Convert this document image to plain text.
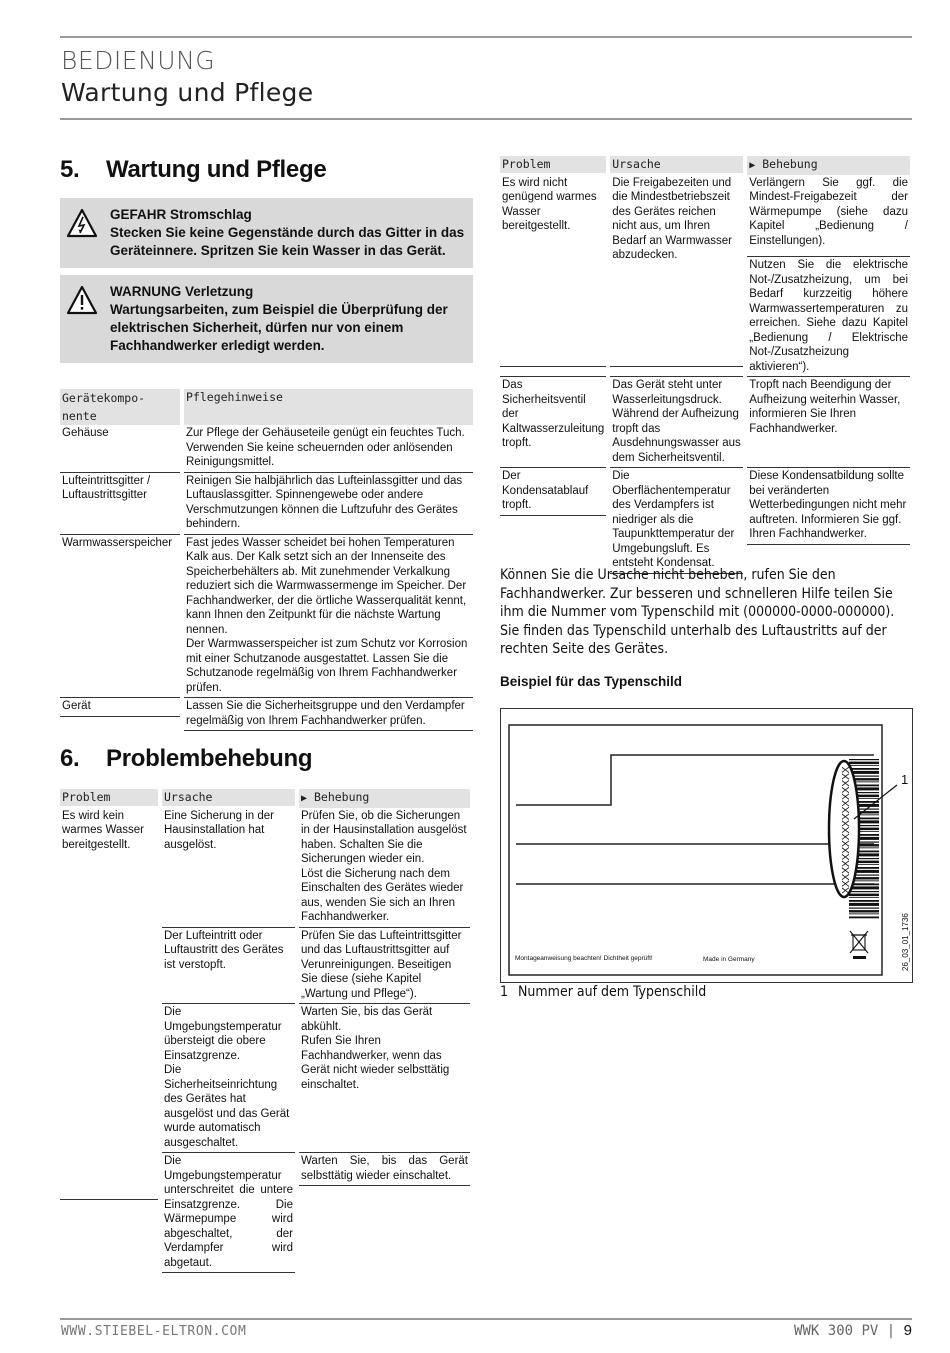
BEDIENUNG
Wartung und Pflege
5. Wartung und Pflege
GEFAHR Stromschlag
Stecken Sie keine Gegenstände durch das Gitter in das Geräteinnere. Spritzen Sie kein Wasser in das Gerät.
WARNUNG Verletzung
Wartungsarbeiten, zum Beispiel die Überprüfung der elektrischen Sicherheit, dürfen nur von einem Fachhandwerker erledigt werden.
Gerätekompo-
nente	Pflegehinweise

Gehäuse	Zur Pflege der Gehäuseteile genügt ein feuchtes Tuch. Verwenden Sie keine scheuernden oder anlösenden Reinigungsmittel.

Lufteintrittsgitter / Luftaustrittsgitter	Reinigen Sie halbjährlich das Lufteinlassgitter und das Luftauslassgitter. Spinnengewebe oder andere Verschmutzungen können die Luftzufuhr des Gerätes behindern.

Warmwasserspeicher	Fast jedes Wasser scheidet bei hohen Temperaturen Kalk aus. Der Kalk setzt sich an der Innenseite des Speicherbehälters ab. Mit zunehmender Verkalkung reduziert sich die Warmwassermenge im Speicher. Der Fachhandwerker, der die örtliche Wasserqualität kennt, kann Ihnen den Zeitpunkt für die nächste Wartung nennen.
Der Warmwasserspeicher ist zum Schutz vor Korrosion mit einer Schutzanode ausgestattet. Lassen Sie die Schutzanode regelmäßig von Ihrem Fachhandwerker prüfen.

Gerät	Lassen Sie die Sicherheitsgruppe und den Verdampfer regelmäßig von Ihrem Fachhandwerker prüfen.
6. Problembehebung
Problem	Ursache	▶ Behebung

Es wird kein warmes Wasser bereitgestellt.	Eine Sicherung in der Hausinstallation hat ausgelöst.	Prüfen Sie, ob die Sicherungen in der Hausinstallation ausgelöst haben. Schalten Sie die Sicherungen wieder ein.
Löst die Sicherung nach dem Einschalten des Gerätes wieder aus, wenden Sie sich an Ihren Fachhandwerker.

	Der Lufteintritt oder Luftaustritt des Gerätes ist verstopft.	Prüfen Sie das Lufteintrittsgitter und das Luftaustrittsgitter auf Verunreinigungen. Beseitigen Sie diese (siehe Kapitel „Wartung und Pflege“).

	Die Umgebungstemperatur übersteigt die obere Einsatzgrenze.
Die Sicherheitseinrichtung des Gerätes hat ausgelöst und das Gerät wurde automatisch ausgeschaltet.	Warten Sie, bis das Gerät abkühlt.
Rufen Sie Ihren Fachhandwerker, wenn das Gerät nicht wieder selbsttätig einschaltet.

	Die Umgebungstemperatur unterschreitet die untere Einsatzgrenze. Die Wärmepumpe wird abgeschaltet, der Verdampfer wird abgetaut.	Warten Sie, bis das Gerät selbsttätig wieder einschaltet.
Problem	Ursache	▶ Behebung

Es wird nicht genügend warmes Wasser bereitgestellt.	Die Freigabezeiten und die Mindestbetriebszeit des Gerätes reichen nicht aus, um Ihren Bedarf an Warmwasser abzudecken.	Verlängern Sie ggf. die Mindest-Freigabezeit der Wärmepumpe (siehe dazu Kapitel „Bedienung / Einstellungen).

		Nutzen Sie die elektrische Not-/Zusatzheizung, um bei Bedarf kurzzeitig höhere Warmwassertemperaturen zu erreichen. Siehe dazu Kapitel „Bedienung / Elektrische Not-/Zusatzheizung aktivieren“).

Das Sicherheitsventil der Kaltwasserzuleitung tropft.	Das Gerät steht unter Wasserleitungsdruck. Während der Aufheizung tropft das Ausdehnungswasser aus dem Sicherheitsventil.	Tropft nach Beendigung der Aufheizung weiterhin Wasser, informieren Sie Ihren Fachhandwerker.

Der Kondensatablauf tropft.	Die Oberflächentemperatur des Verdampfers ist niedriger als die Taupunkttemperatur der Umgebungsluft. Es entsteht Kondensat.	Diese Kondensatbildung sollte bei veränderten Wetterbedingungen nicht mehr auftreten. Informieren Sie ggf. Ihren Fachhandwerker.
Können Sie die Ursache nicht beheben, rufen Sie den Fachhandwerker. Zur besseren und schnelleren Hilfe teilen Sie ihm die Nummer vom Typenschild mit (000000-0000-000000). Sie finden das Typenschild unterhalb des Luftaustritts auf der rechten Seite des Gerätes.
Beispiel für das Typenschild
XXXXXXXXXXXXXXXXXXX	1
Montageanweisung beachten! Dichtheit geprüft!	Made in Germany	26_03_01_1736
1 Nummer auf dem Typenschild
WWW.STIEBEL-ELTRON.COM	WWK 300 PV | 9
